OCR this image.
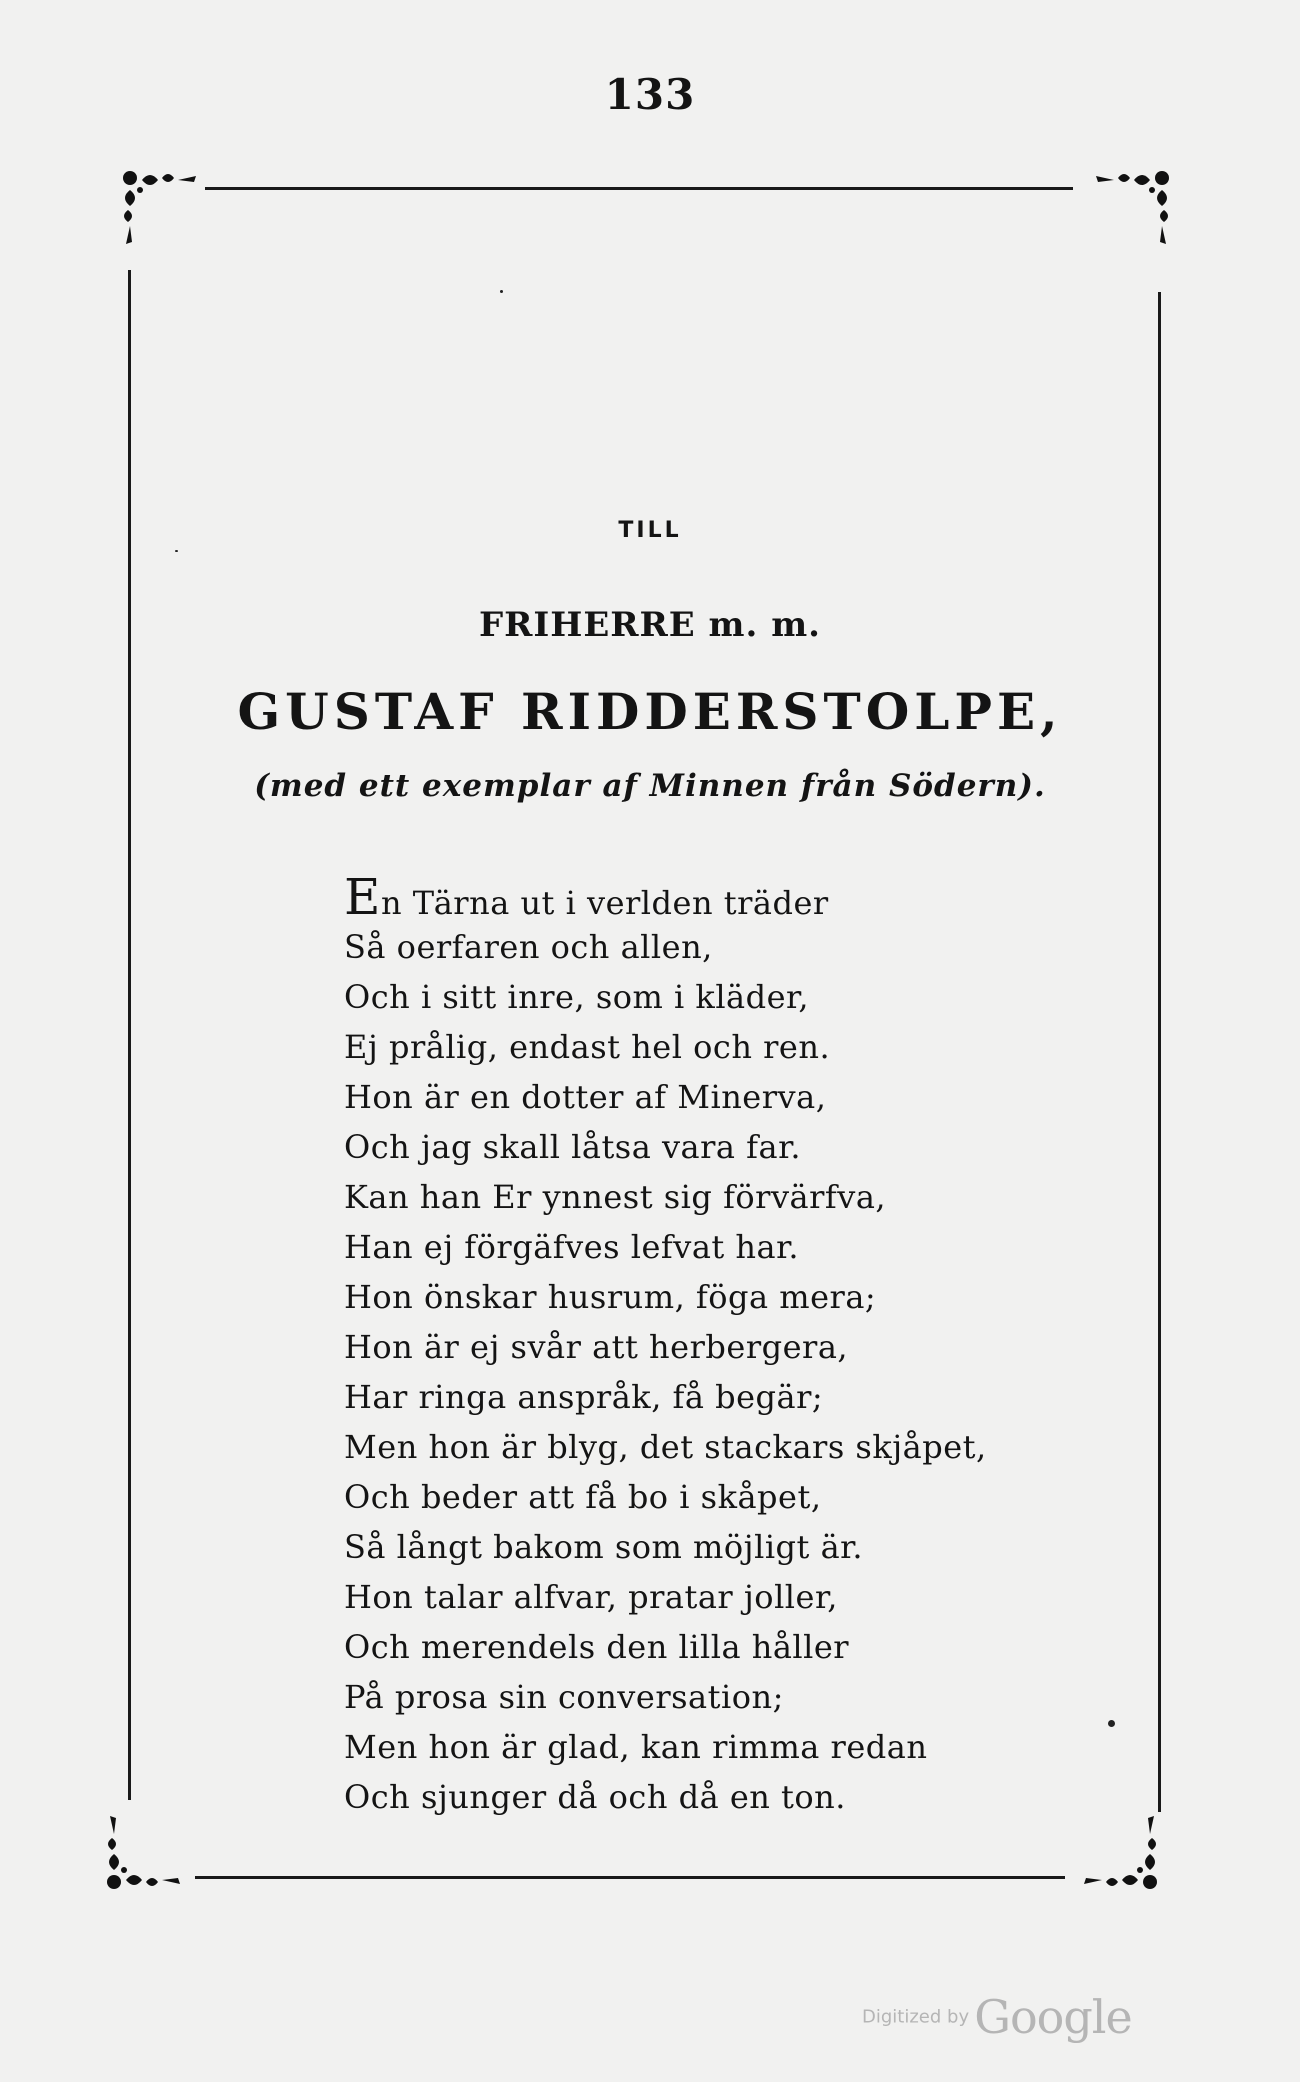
133
TILL
FRIHERRE m. m.
GUSTAF RIDDERSTOLPE,
(med ett exemplar af Minnen från Södern).
En Tärna ut i verlden träder
Så oerfaren och allen,
Och i sitt inre, som i kläder,
Ej prålig, endast hel och ren.
Hon är en dotter af Minerva,
Och jag skall låtsa vara far.
Kan han Er ynnest sig förvärfva,
Han ej förgäfves lefvat har.
Hon önskar husrum, föga mera;
Hon är ej svår att herbergera,
Har ringa anspråk, få begär;
Men hon är blyg, det stackars skjåpet,
Och beder att få bo i skåpet,
Så långt bakom som möjligt är.
Hon talar alfvar, pratar joller,
Och merendels den lilla håller
På prosa sin conversation;
Men hon är glad, kan rimma redan
Och sjunger då och då en ton.
Digitized by Google
